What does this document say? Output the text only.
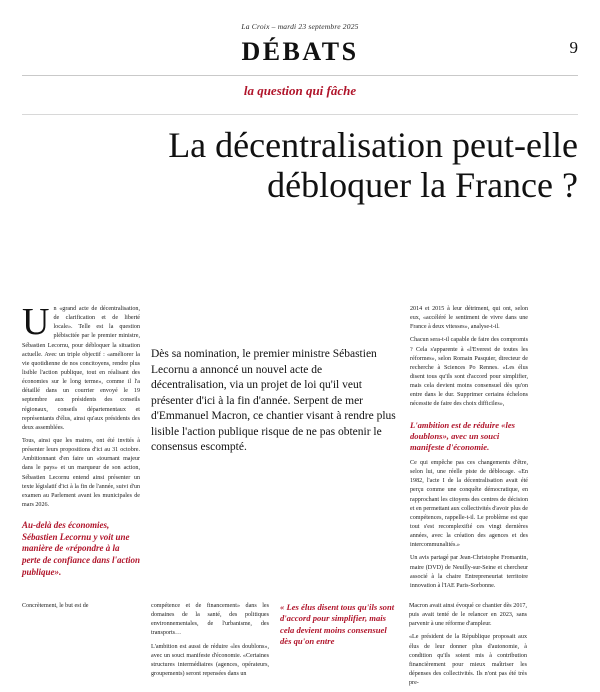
La Croix – mardi 23 septembre 2025
DÉBATS	9
la question qui fâche
La décentralisation peut-elle débloquer la France ?

Un «grand acte de décentralisation, de clarification et de liberté locale». Telle est la question plébiscitée par le premier ministre, Sébastien Lecornu, pour débloquer la situation actuelle. Avec un triple objectif : «améliorer la vie quotidienne de nos concitoyens, rendre plus lisible l'action publique, tout en réalisant des économies sur le long terme», comme il l'a détaillé dans un courrier envoyé le 19 septembre aux présidents des conseils régionaux, conseils départementaux et représentants d'élus, ainsi qu'aux présidents des deux assemblées.

Tous, ainsi que les maires, ont été invités à présenter leurs propositions d'ici au 31 octobre. Ambitionnant d'en faire un «tournant majeur dans le pays» et un marqueur de son action, Sébastien Lecornu entend ainsi présenter un texte législatif d'ici à la fin de l'année, suivi d'un examen au Parlement avant les municipales de mars 2026.

Au-delà des économies, Sébastien Lecornu y voit une manière de «répondre à la perte de confiance dans l'action publique».
Dès sa nomination, le premier ministre Sébastien Lecornu a annoncé un nouvel acte de décentralisation, via un projet de loi qu'il veut présenter d'ici à la fin d'année. Serpent de mer d'Emmanuel Macron, ce chantier visant à rendre plus lisible l'action publique risque de ne pas obtenir le consensus escompté.

2014 et 2015 à leur détriment, qui ont, selon eux, «accéléré le sentiment de vivre dans une France à deux vitesses», analyse-t-il.

Chacun sera-t-il capable de faire des compromis ? Cela s'apparente à «l'Everest de toutes les réformes», selon Romain Pasquier, directeur de recherche à Sciences Po Rennes. «Les élus disent tous qu'ils sont d'accord pour simplifier, mais cela devient moins consensuel dès qu'on entre dans le dur. Supprimer certains échelons nécessite de faire des choix difficiles»,

L'ambition est de réduire «les doublons», avec un souci manifeste d'économie.

Ce qui empêche pas ces changements d'être, selon lui, une réelle piste de déblocage. «En 1982, l'acte I de la décentralisation avait été perçu comme une conquête démocratique, en rapprochant les citoyens des centres de décision et en permettant aux collectivités d'avoir plus de compétences, rappelle-t-il. Le problème est que tout s'est recomplexifié ces vingt dernières années, avec la création des agences et des intercommunalités.»

Un avis partagé par Jean-Christophe Fromantin, maire (DVD) de Neuilly-sur-Seine et chercheur associé à la chaire Entrepreneuriat territoire innovation à l'IAE Paris-Sorbonne.

Concrètement, le but est de	compétence et de financement» dans les domaines de la santé, des politiques environnementales, de l'urbanisme, des transports…

L'ambition est aussi de réduire «les doublons», avec un souci manifeste d'économie. «Certaines structures intermédiaires (agences, opérateurs, groupements) seront repensées dans un

« Les élus disent tous qu'ils sont d'accord pour simplifier, mais cela devient moins consensuel dès qu'on entre

Macron avait ainsi évoqué ce chantier dès 2017, puis avait tenté de le relancer en 2023, sans parvenir à une réforme d'ampleur.

«Le président de la République proposait aux élus de leur donner plus d'autonomie, à condition qu'ils soient mis à contribution financièrement pour mieux maîtriser les dépenses des collectivités. Ils n'ont pas été très pre-
